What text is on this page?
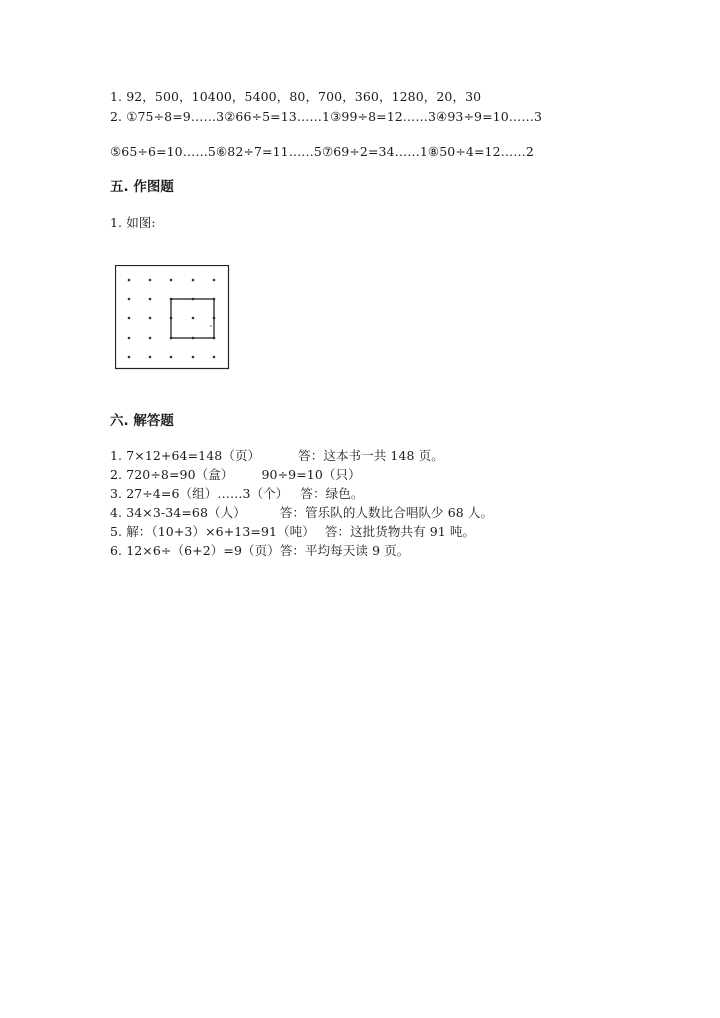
1. 92，500，10400，5400，80，700，360，1280，20，30
2. ①75÷8=9……3②66÷5=13……1③99÷8=12……3④93÷9=10……3
⑤65÷6=10……5⑥82÷7=11……5⑦69÷2=34……1⑧50÷4=12……2
五. 作图题
1. 如图:
六. 解答题
1. 7×12+64=148（页）	答：这本书一共 148 页。
2. 720÷8=90（盒） 90÷9=10（只）
3. 27÷4=6（组）……3（个） 答：绿色。
4. 34×3-34=68（人）	答：管乐队的人数比合唱队少 68 人。
5. 解：（10+3）×6+13=91（吨） 答：这批货物共有 91 吨。
6. 12×6÷（6+2）=9（页）答：平均每天读 9 页。
